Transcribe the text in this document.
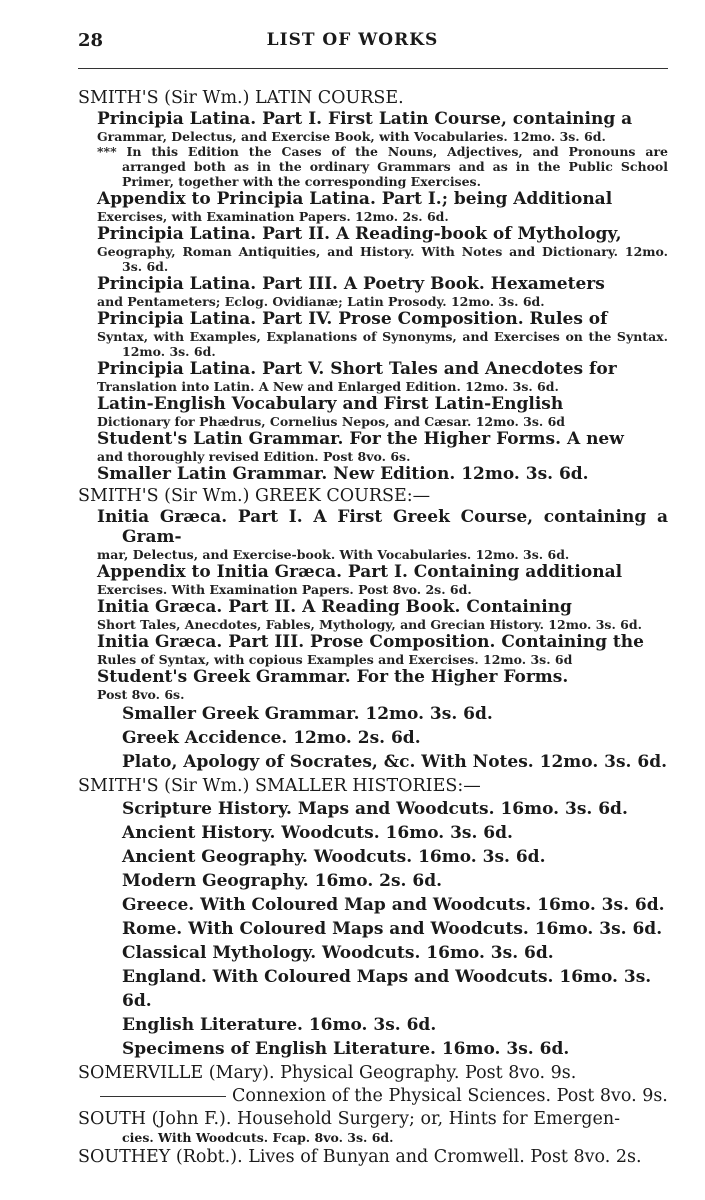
28	LIST OF WORKS
SMITH'S (Sir Wm.) LATIN COURSE.
Principia Latina. Part I. First Latin Course, containing a
Grammar, Delectus, and Exercise Book, with Vocabularies. 12mo. 3s. 6d.
*** In this Edition the Cases of the Nouns, Adjectives, and Pronouns are arranged both as in the ordinary Grammars and as in the Public School Primer, together with the corresponding Exercises.
Appendix to Principia Latina. Part I.; being Additional
Exercises, with Examination Papers. 12mo. 2s. 6d.
Principia Latina. Part II. A Reading-book of Mythology,
Geography, Roman Antiquities, and History. With Notes and Dictionary. 12mo. 3s. 6d.
Principia Latina. Part III. A Poetry Book. Hexameters
and Pentameters; Eclog. Ovidianæ; Latin Prosody. 12mo. 3s. 6d.
Principia Latina. Part IV. Prose Composition. Rules of
Syntax, with Examples, Explanations of Synonyms, and Exercises on the Syntax. 12mo. 3s. 6d.
Principia Latina. Part V. Short Tales and Anecdotes for
Translation into Latin. A New and Enlarged Edition. 12mo. 3s. 6d.
Latin-English Vocabulary and First Latin-English
Dictionary for Phædrus, Cornelius Nepos, and Cæsar. 12mo. 3s. 6d
Student's Latin Grammar. For the Higher Forms. A new
and thoroughly revised Edition. Post 8vo. 6s.
Smaller Latin Grammar. New Edition. 12mo. 3s. 6d.
SMITH'S (Sir Wm.) GREEK COURSE:—
Initia Græca. Part I. A First Greek Course, containing a Gram-
mar, Delectus, and Exercise-book. With Vocabularies. 12mo. 3s. 6d.
Appendix to Initia Græca. Part I. Containing additional
Exercises. With Examination Papers. Post 8vo. 2s. 6d.
Initia Græca. Part II. A Reading Book. Containing
Short Tales, Anecdotes, Fables, Mythology, and Grecian History. 12mo. 3s. 6d.
Initia Græca. Part III. Prose Composition. Containing the
Rules of Syntax, with copious Examples and Exercises. 12mo. 3s. 6d
Student's Greek Grammar. For the Higher Forms.
Post 8vo. 6s.
Smaller Greek Grammar. 12mo. 3s. 6d.
Greek Accidence. 12mo. 2s. 6d.
Plato, Apology of Socrates, &c. With Notes. 12mo. 3s. 6d.
SMITH'S (Sir Wm.) SMALLER HISTORIES:—
Scripture History. Maps and Woodcuts. 16mo. 3s. 6d.
Ancient History. Woodcuts. 16mo. 3s. 6d.
Ancient Geography. Woodcuts. 16mo. 3s. 6d.
Modern Geography. 16mo. 2s. 6d.
Greece. With Coloured Map and Woodcuts. 16mo. 3s. 6d.
Rome. With Coloured Maps and Woodcuts. 16mo. 3s. 6d.
Classical Mythology. Woodcuts. 16mo. 3s. 6d.
England. With Coloured Maps and Woodcuts. 16mo. 3s. 6d.
English Literature. 16mo. 3s. 6d.
Specimens of English Literature. 16mo. 3s. 6d.
SOMERVILLE (Mary). Physical Geography. Post 8vo. 9s.
Connexion of the Physical Sciences. Post 8vo. 9s.
SOUTH (John F.). Household Surgery; or, Hints for Emergen-
cies. With Woodcuts. Fcap. 8vo. 3s. 6d.
SOUTHEY (Robt.). Lives of Bunyan and Cromwell. Post 8vo. 2s.
